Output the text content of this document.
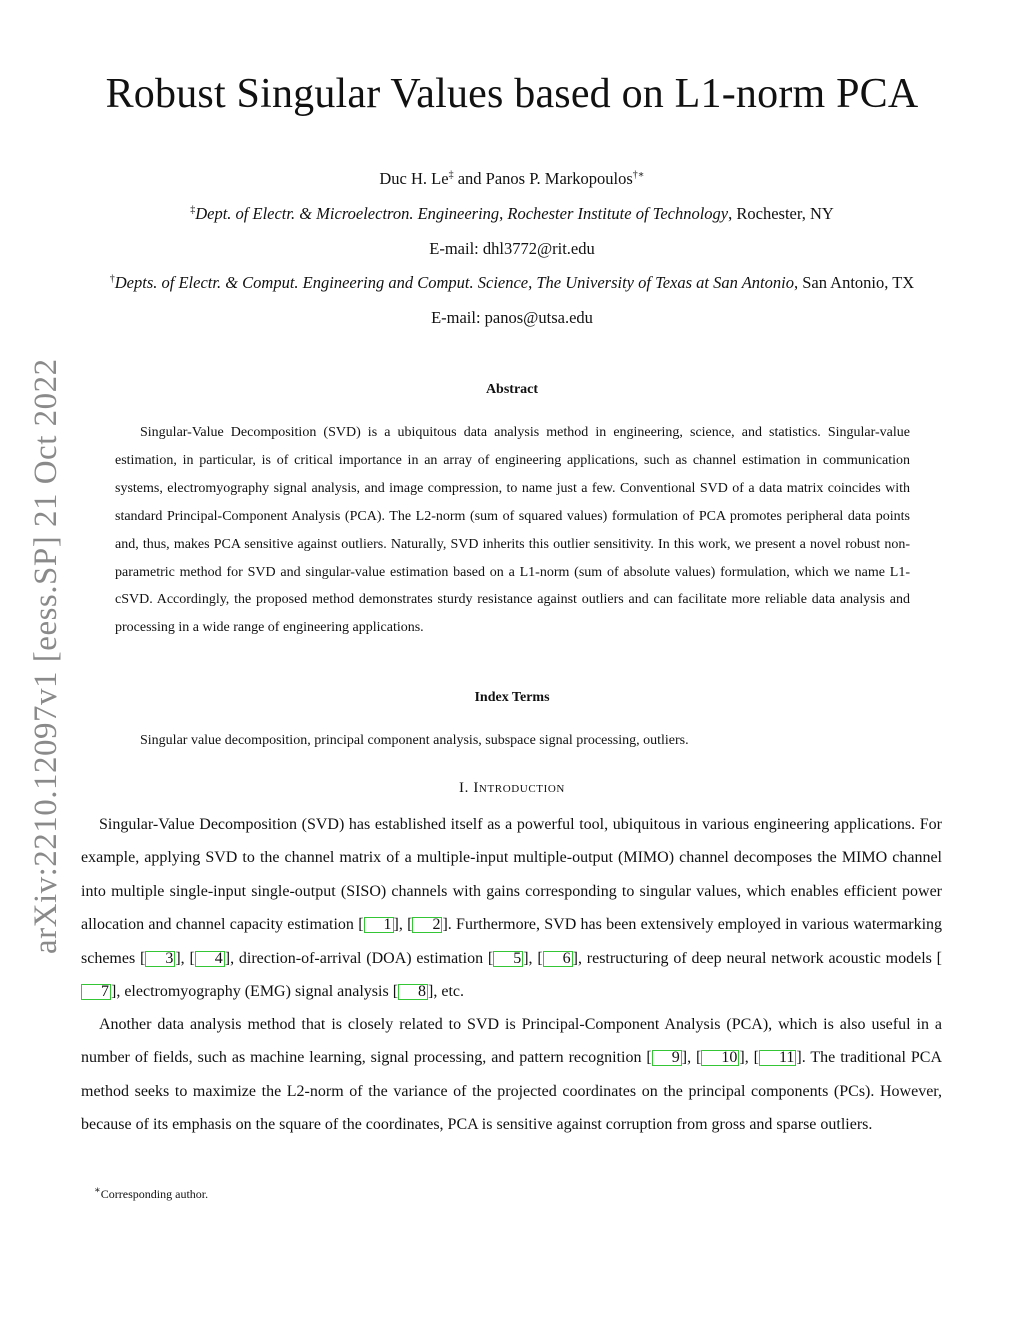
arXiv:2210.12097v1 [eess.SP] 21 Oct 2022
Robust Singular Values based on L1-norm PCA
Duc H. Le‡ and Panos P. Markopoulos†∗
‡Dept. of Electr. & Microelectron. Engineering, Rochester Institute of Technology, Rochester, NY
E-mail: dhl3772@rit.edu
†Depts. of Electr. & Comput. Engineering and Comput. Science, The University of Texas at San Antonio, San Antonio, TX
E-mail: panos@utsa.edu
Abstract

Singular-Value Decomposition (SVD) is a ubiquitous data analysis method in engineering, science, and statistics. Singular-value estimation, in particular, is of critical importance in an array of engineering applications, such as channel estimation in communication systems, electromyography signal analysis, and image compression, to name just a few. Conventional SVD of a data matrix coincides with standard Principal-Component Analysis (PCA). The L2-norm (sum of squared values) formulation of PCA promotes peripheral data points and, thus, makes PCA sensitive against outliers. Naturally, SVD inherits this outlier sensitivity. In this work, we present a novel robust non-parametric method for SVD and singular-value estimation based on a L1-norm (sum of absolute values) formulation, which we name L1-cSVD. Accordingly, the proposed method demonstrates sturdy resistance against outliers and can facilitate more reliable data analysis and processing in a wide range of engineering applications.

Index Terms
Singular value decomposition, principal component analysis, subspace signal processing, outliers.
I. Introduction

Singular-Value Decomposition (SVD) has established itself as a powerful tool, ubiquitous in various engineering applications. For example, applying SVD to the channel matrix of a multiple-input multiple-output (MIMO) channel decomposes the MIMO channel into multiple single-input single-output (SISO) channels with gains corresponding to singular values, which enables efficient power allocation and channel capacity estimation [ 1 ], [ 2 ]. Furthermore, SVD has been extensively employed in various watermarking schemes [ 3 ], [ 4 ], direction-of-arrival (DOA) estimation [ 5 ], [ 6 ], restructuring of deep neural network acoustic models [7 ], electromyography (EMG) signal analysis [ 8 ], etc.

Another data analysis method that is closely related to SVD is Principal-Component Analysis (PCA), which is also useful in a number of fields, such as machine learning, signal processing, and pattern recognition [ 9 ], [ 10 ], [ 11 ]. The traditional PCA method seeks to maximize the L2-norm of the variance of the projected coordinates on the principal components (PCs). However, because of its emphasis on the square of the coordinates, PCA is sensitive against corruption from gross and sparse outliers.

∗Corresponding author.
